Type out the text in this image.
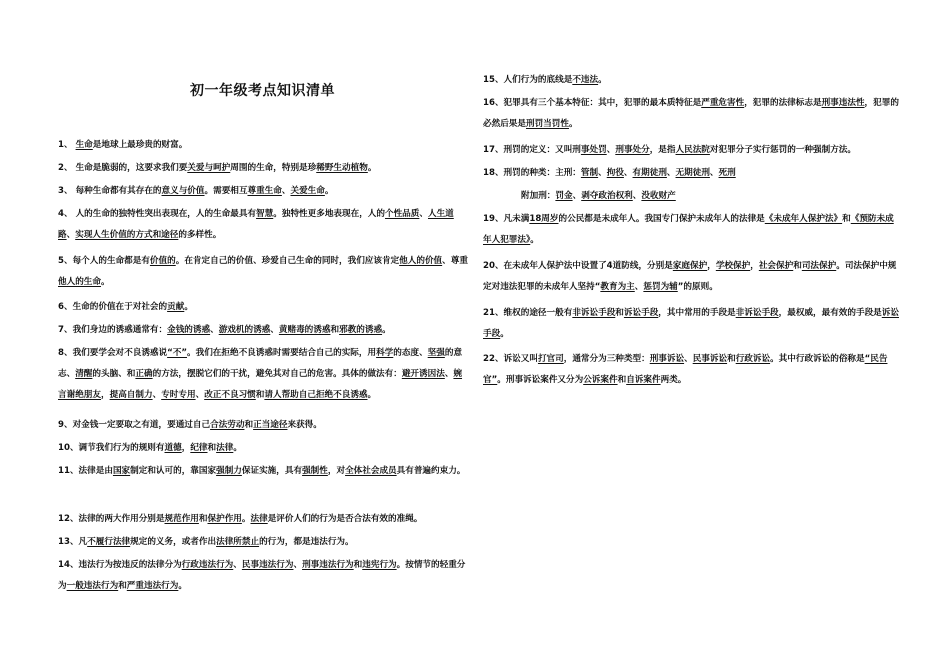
初一年级考点知识清单
1、 生命是地球上最珍贵的财富。
2、 生命是脆弱的，这要求我们要关爱与呵护周围的生命，特别是珍稀野生动植物。
3、 每种生命都有其存在的意义与价值。需要相互尊重生命、关爱生命。
4、 人的生命的独特性突出表现在，人的生命最具有智慧。独特性更多地表现在，人的个性品质、人生道路、实现人生价值的方式和途径的多样性。
5、每个人的生命都是有价值的。在肯定自己的价值、珍爱自己生命的同时，我们应该肯定他人的价值、尊重他人的生命。
6、生命的价值在于对社会的贡献。
7、我们身边的诱惑通常有：金钱的诱惑、游戏机的诱惑、黄赌毒的诱惑和邪教的诱惑。
8、我们要学会对不良诱惑说“不”。我们在拒绝不良诱惑时需要结合自己的实际，用科学的态度、坚强的意志、清醒的头脑、和正确的方法，摆脱它们的干扰，避免其对自己的危害。具体的做法有：避开诱因法、婉言谢绝朋友，提高自制力、专时专用、改正不良习惯和请人帮助自己拒绝不良诱惑。
9、对金钱一定要取之有道，要通过自己合法劳动和正当途径来获得。
10、调节我们行为的规则有道德，纪律和法律。
11、法律是由国家制定和认可的，靠国家强制力保证实施，具有强制性，对全体社会成员具有普遍约束力。
12、法律的两大作用分别是规范作用和保护作用。法律是评价人们的行为是否合法有效的准绳。
13、凡不履行法律规定的义务，或者作出法律所禁止的行为，都是违法行为。
14、违法行为按违反的法律分为行政违法行为、民事违法行为、刑事违法行为和违宪行为。按情节的轻重分为一般违法行为和严重违法行为。
15、人们行为的底线是不违法。
16、犯罪具有三个基本特征：其中，犯罪的最本质特征是严重危害性，犯罪的法律标志是刑事违法性，犯罪的必然后果是刑罚当罚性。
17、刑罚的定义：又叫刑事处罚、刑事处分，是指人民法院对犯罪分子实行惩罚的一种强制方法。
18、刑罚的种类：主刑：管制、拘役、有期徒刑、无期徒刑、死刑
附加刑：罚金、剥夺政治权利、没收财产
19、凡未满18周岁的公民都是未成年人。我国专门保护未成年人的法律是《未成年人保护法》和《预防未成年人犯罪法》。
20、在未成年人保护法中设置了4道防线，分别是家庭保护，学校保护，社会保护和司法保护。司法保护中规定对违法犯罪的未成年人坚持“教育为主、惩罚为辅”的原则。
21、维权的途径一般有非诉讼手段和诉讼手段，其中常用的手段是非诉讼手段，最权威，最有效的手段是诉讼手段。
22、诉讼又叫打官司，通常分为三种类型：刑事诉讼、民事诉讼和行政诉讼。其中行政诉讼的俗称是“民告官”。刑事诉讼案件又分为公诉案件和自诉案件两类。
